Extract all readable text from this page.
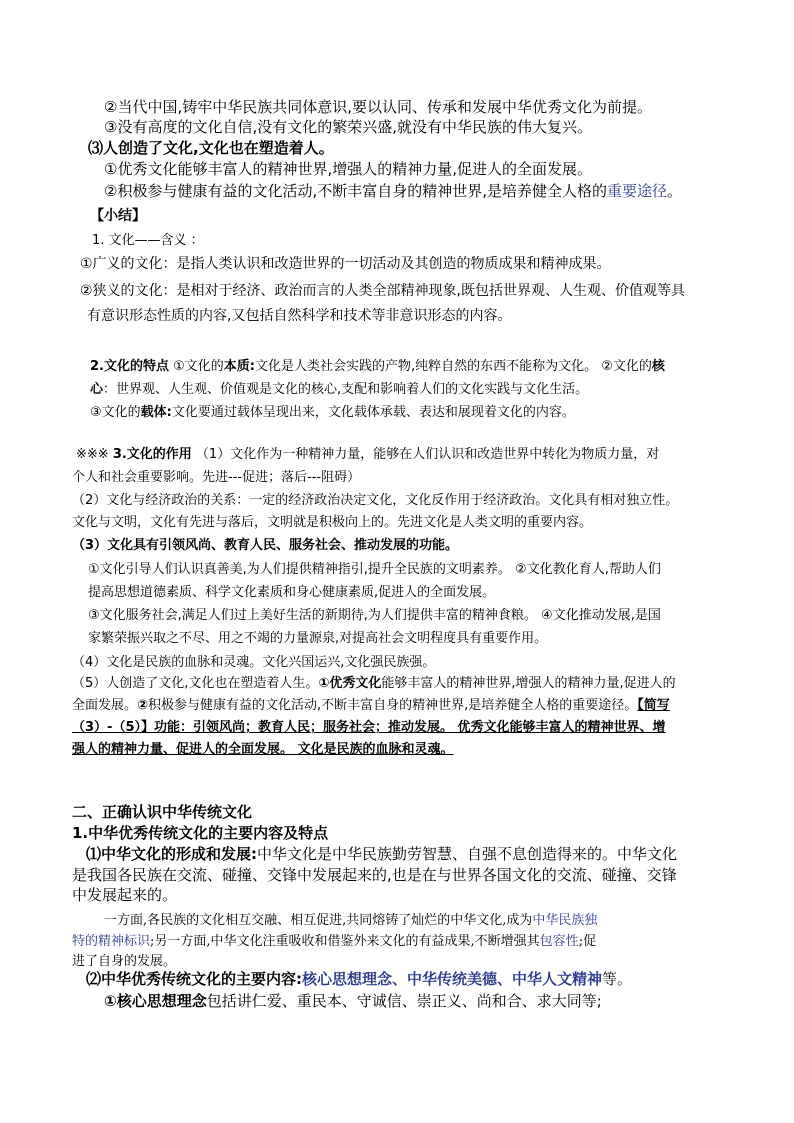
②当代中国,铸牢中华民族共同体意识,要以认同、传承和发展中华优秀文化为前提。
③没有高度的文化自信,没有文化的繁荣兴盛,就没有中华民族的伟大复兴。
⑶人创造了文化,文化也在塑造着人。
①优秀文化能够丰富人的精神世界,增强人的精神力量,促进人的全面发展。
②积极参与健康有益的文化活动,不断丰富自身的精神世界,是培养健全人格的重要途径。
【小结】
1. 文化——含义 ：
①广义的文化：是指人类认识和改造世界的一切活动及其创造的物质成果和精神成果。
②狭义的文化：是相对于经济、政治而言的人类全部精神现象,既包括世界观、人生观、价值观等具
有意识形态性质的内容,又包括自然科学和技术等非意识形态的内容。
2.文化的特点 ①文化的本质:文化是人类社会实践的产物,纯粹自然的东西不能称为文化。 ②文化的核
心：世界观、人生观、价值观是文化的核心,支配和影响着人们的文化实践与文化生活。
③文化的载体:文化要通过载体呈现出来，文化载体承载、表达和展现着文化的内容。
※※※ 3.文化的作用 （1）文化作为一种精神力量，能够在人们认识和改造世界中转化为物质力量，对
个人和社会重要影响。先进---促进；落后---阻碍）
（2）文化与经济政治的关系：一定的经济政治决定文化，文化反作用于经济政治。文化具有相对独立性。
文化与文明，文化有先进与落后，文明就是积极向上的。先进文化是人类文明的重要内容。
（3）文化具有引领风尚、教育人民、服务社会、推动发展的功能。
①文化引导人们认识真善美,为人们提供精神指引,提升全民族的文明素养。 ②文化教化育人,帮助人们
提高思想道德素质、科学文化素质和身心健康素质,促进人的全面发展。
③文化服务社会,满足人们过上美好生活的新期待,为人们提供丰富的精神食粮。 ④文化推动发展,是国
家繁荣振兴取之不尽、用之不竭的力量源泉,对提高社会文明程度具有重要作用。
（4）文化是民族的血脉和灵魂。文化兴国运兴,文化强民族强。
（5）人创造了文化,文化也在塑造着人生。①优秀文化能够丰富人的精神世界,增强人的精神力量,促进人的
全面发展。②积极参与健康有益的文化活动,不断丰富自身的精神世界,是培养健全人格的重要途径。【简写
（3）-（5）】功能：引领风尚；教育人民；服务社会；推动发展。 优秀文化能够丰富人的精神世界、增
强人的精神力量、促进人的全面发展。 文化是民族的血脉和灵魂。
二、正确认识中华传统文化
1.中华优秀传统文化的主要内容及特点
⑴中华文化的形成和发展:中华文化是中华民族勤劳智慧、自强不息创造得来的。中华文化
是我国各民族在交流、碰撞、交锋中发展起来的,也是在与世界各国文化的交流、碰撞、交锋
中发展起来的。
一方面,各民族的文化相互交融、相互促进,共同熔铸了灿烂的中华文化,成为中华民族独
特的精神标识;另一方面,中华文化注重吸收和借鉴外来文化的有益成果,不断增强其包容性;促
进了自身的发展。
⑵中华优秀传统文化的主要内容:核心思想理念、中华传统美德、中华人文精神等。
①核心思想理念包括讲仁爱、重民本、守诚信、崇正义、尚和合、求大同等;
